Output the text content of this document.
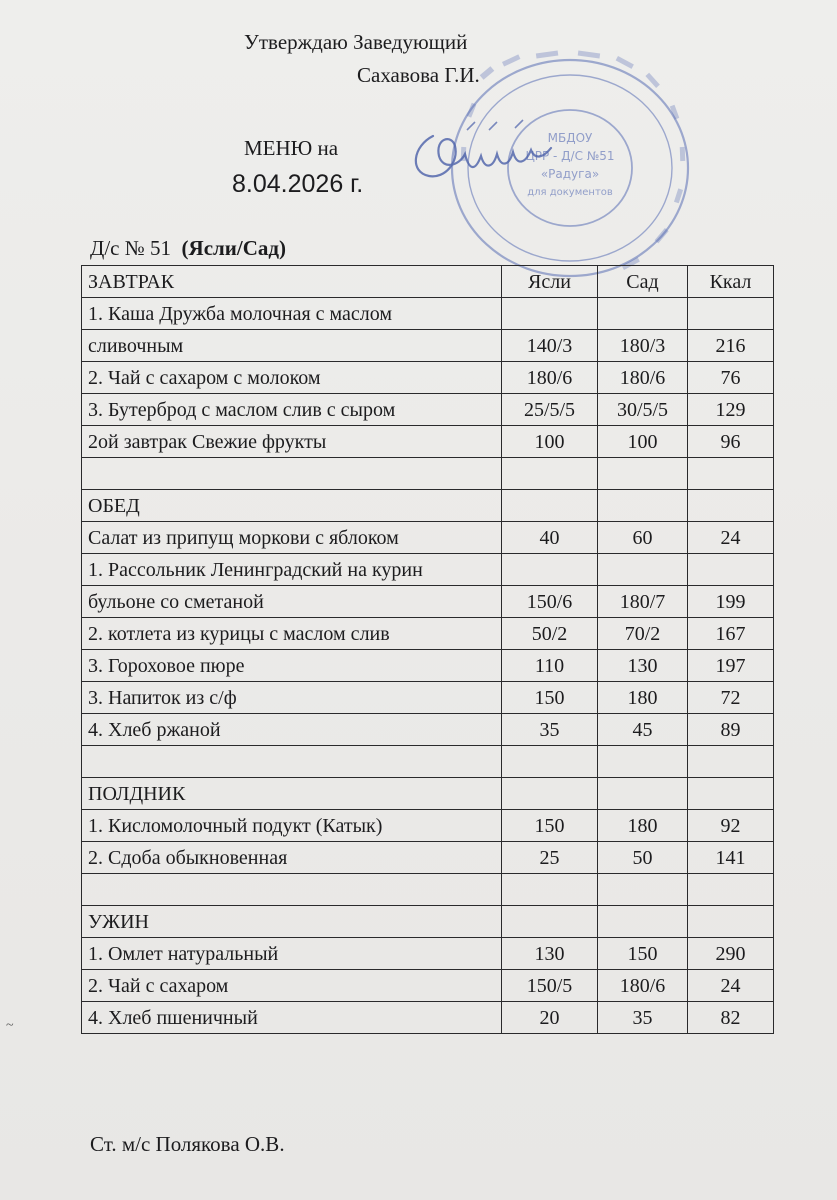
Утверждаю Заведующий
Сахавова Г.И.
МБДОУ
ЦРР - Д/С №51
«Радуга»
для документов
МЕНЮ на
8.04.2026 г.
Д/с № 51 (Ясли/Сад)
ЗАВТРАК	Ясли	Сад	Ккал
1. Каша Дружба молочная с маслом			
сливочным	140/3	180/3	216
2. Чай с сахаром с молоком	180/6	180/6	76
3. Бутерброд с маслом слив с сыром	25/5/5	30/5/5	129
2ой завтрак Свежие фрукты	100	100	96

ОБЕД			
Салат из припущ моркови с яблоком	40	60	24
1. Рассольник Ленинградский на курин			
бульоне со сметаной	150/6	180/7	199
2. котлета из курицы с маслом слив	50/2	70/2	167
3. Гороховое пюре	110	130	197
3. Напиток из с/ф	150	180	72
4. Хлеб ржаной	35	45	89

ПОЛДНИК			
1. Кисломолочный подукт (Катык)	150	180	92
2. Сдоба обыкновенная	25	50	141

УЖИН			
1. Омлет натуральный	130	150	290
2. Чай с сахаром	150/5	180/6	24
4. Хлеб пшеничный	20	35	82
Ст. м/с Полякова О.В.
~
